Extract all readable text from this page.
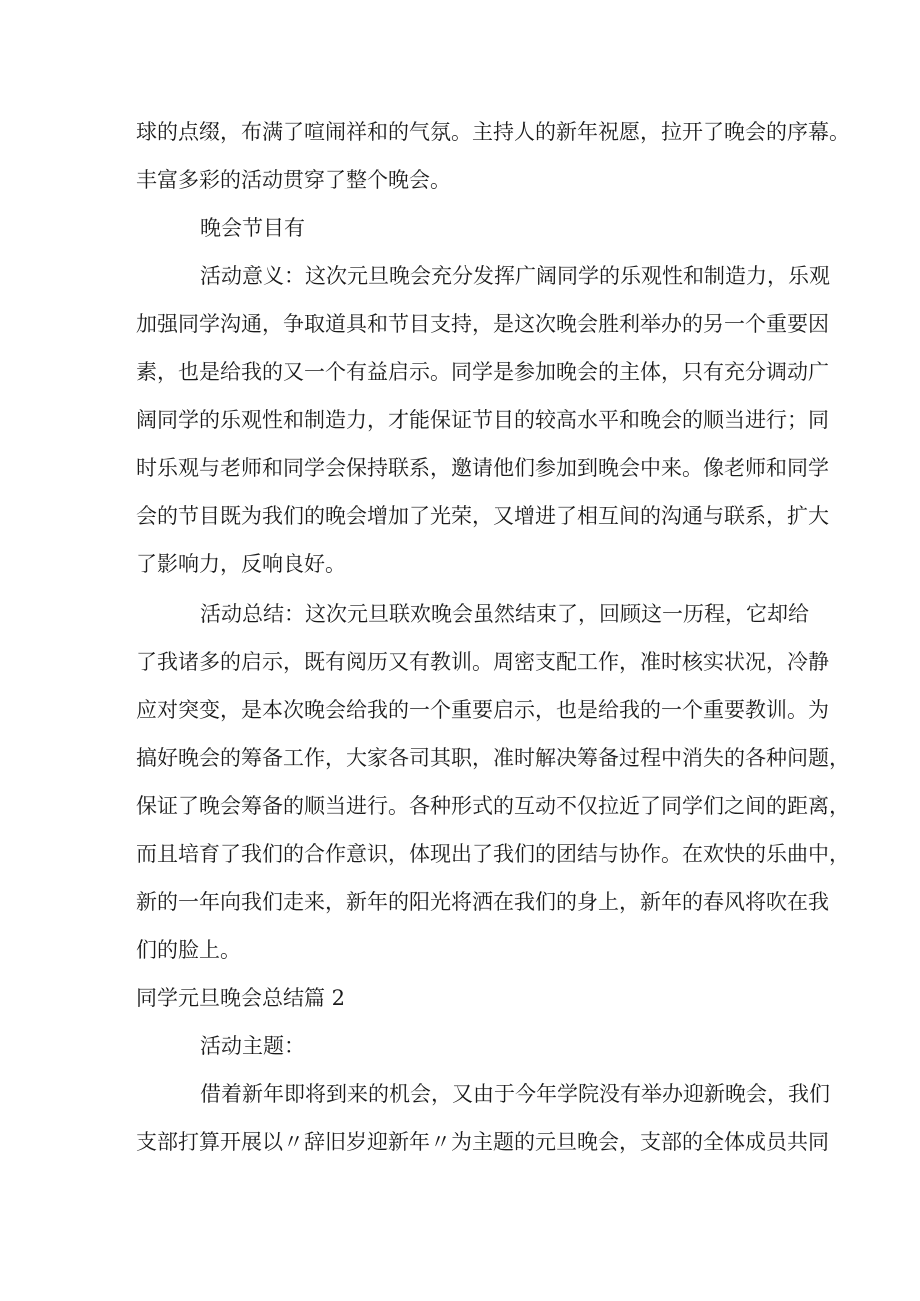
球的点缀，布满了喧闹祥和的气氛。主持人的新年祝愿，拉开了晚会的序幕。
丰富多彩的活动贯穿了整个晚会。
晚会节目有
活动意义：这次元旦晚会充分发挥广阔同学的乐观性和制造力，乐观
加强同学沟通，争取道具和节目支持，是这次晚会胜利举办的另一个重要因
素，也是给我的又一个有益启示。同学是参加晚会的主体，只有充分调动广
阔同学的乐观性和制造力，才能保证节目的较高水平和晚会的顺当进行；同
时乐观与老师和同学会保持联系，邀请他们参加到晚会中来。像老师和同学
会的节目既为我们的晚会增加了光荣，又增进了相互间的沟通与联系，扩大
了影响力，反响良好。
活动总结：这次元旦联欢晚会虽然结束了，回顾这一历程，它却给
了我诸多的启示，既有阅历又有教训。周密支配工作，准时核实状况，冷静
应对突变，是本次晚会给我的一个重要启示，也是给我的一个重要教训。为
搞好晚会的筹备工作，大家各司其职，准时解决筹备过程中消失的各种问题，
保证了晚会筹备的顺当进行。各种形式的互动不仅拉近了同学们之间的距离，
而且培育了我们的合作意识，体现出了我们的团结与协作。在欢快的乐曲中，
新的一年向我们走来，新年的阳光将洒在我们的身上，新年的春风将吹在我
们的脸上。
同学元旦晚会总结篇 2
活动主题：
借着新年即将到来的机会，又由于今年学院没有举办迎新晚会，我们
支部打算开展以〃辞旧岁迎新年〃为主题的元旦晚会，支部的全体成员共同
